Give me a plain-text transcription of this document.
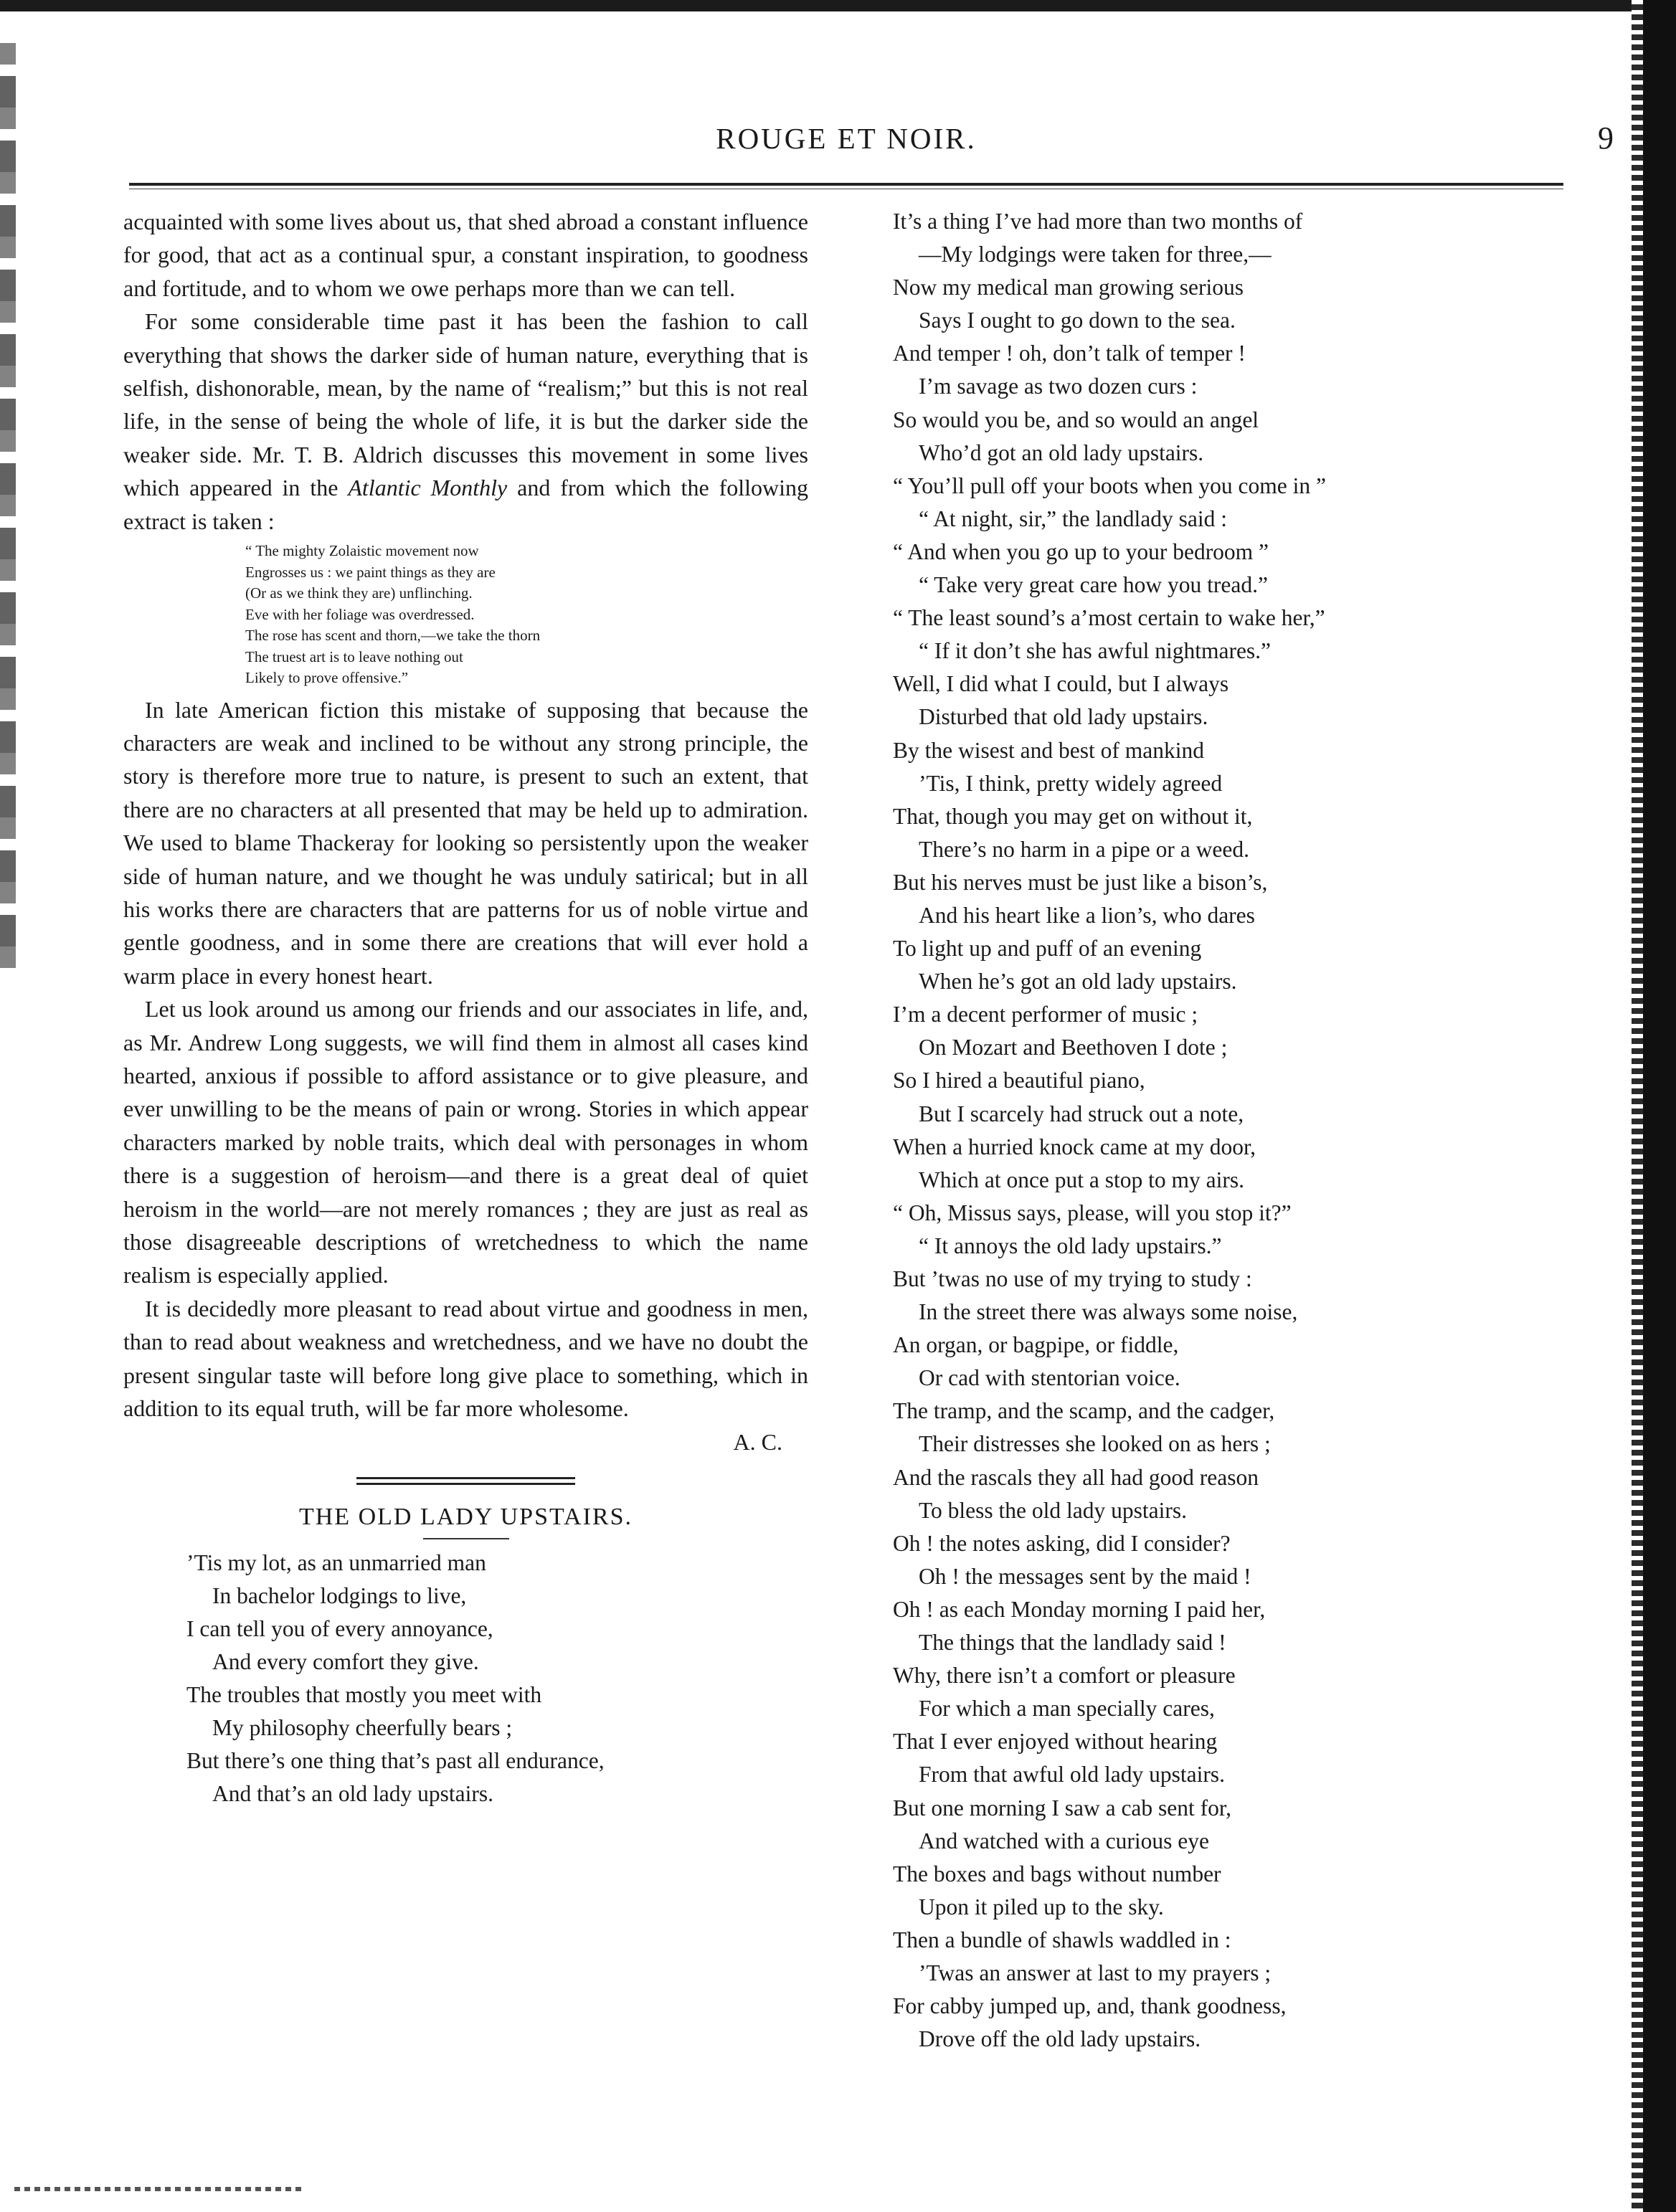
ROUGE ET NOIR.	9

acquainted with some lives about us, that shed abroad a constant influence for good, that act as a continual spur, a constant inspiration, to goodness and fortitude, and to whom we owe perhaps more than we can tell.

For some considerable time past it has been the fashion to call everything that shows the darker side of human nature, everything that is selfish, dishonorable, mean, by the name of “realism;” but this is not real life, in the sense of being the whole of life, it is but the darker side the weaker side. Mr. T. B. Aldrich discusses this movement in some lives which appeared in the Atlantic Monthly and from which the following extract is taken :

“ The mighty Zolaistic movement now
Engrosses us : we paint things as they are
(Or as we think they are) unflinching.
Eve with her foliage was overdressed.
The rose has scent and thorn,—we take the thorn
The truest art is to leave nothing out
Likely to prove offensive.”

In late American fiction this mistake of supposing that because the characters are weak and inclined to be without any strong principle, the story is therefore more true to nature, is present to such an extent, that there are no characters at all presented that may be held up to admiration. We used to blame Thackeray for looking so persistently upon the weaker side of human nature, and we thought he was unduly satirical; but in all his works there are characters that are patterns for us of noble virtue and gentle goodness, and in some there are creations that will ever hold a warm place in every honest heart.

Let us look around us among our friends and our associates in life, and, as Mr. Andrew Long suggests, we will find them in almost all cases kind hearted, anxious if possible to afford assistance or to give pleasure, and ever unwilling to be the means of pain or wrong. Stories in which appear characters marked by noble traits, which deal with personages in whom there is a suggestion of heroism—and there is a great deal of quiet heroism in the world—are not merely romances ; they are just as real as those disagreeable descriptions of wretchedness to which the name realism is especially applied.

It is decidedly more pleasant to read about virtue and goodness in men, than to read about weakness and wretchedness, and we have no doubt the present singular taste will before long give place to something, which in addition to its equal truth, will be far more wholesome.

A. C.
THE OLD LADY UPSTAIRS.
’Tis my lot, as an unmarried man
In bachelor lodgings to live,
I can tell you of every annoyance,
And every comfort they give.
The troubles that mostly you meet with
My philosophy cheerfully bears ;
But there’s one thing that’s past all endurance,
And that’s an old lady upstairs.
It’s a thing I’ve had more than two months of
—My lodgings were taken for three,—
Now my medical man growing serious
Says I ought to go down to the sea.
And temper ! oh, don’t talk of temper !
I’m savage as two dozen curs :
So would you be, and so would an angel
Who’d got an old lady upstairs.
“ You’ll pull off your boots when you come in ”
“ At night, sir,” the landlady said :
“ And when you go up to your bedroom ”
“ Take very great care how you tread.”
“ The least sound’s a’most certain to wake her,”
“ If it don’t she has awful nightmares.”
Well, I did what I could, but I always
Disturbed that old lady upstairs.
By the wisest and best of mankind
’Tis, I think, pretty widely agreed
That, though you may get on without it,
There’s no harm in a pipe or a weed.
But his nerves must be just like a bison’s,
And his heart like a lion’s, who dares
To light up and puff of an evening
When he’s got an old lady upstairs.
I’m a decent performer of music ;
On Mozart and Beethoven I dote ;
So I hired a beautiful piano,
But I scarcely had struck out a note,
When a hurried knock came at my door,
Which at once put a stop to my airs.
“ Oh, Missus says, please, will you stop it?”
“ It annoys the old lady upstairs.”
But ’twas no use of my trying to study :
In the street there was always some noise,
An organ, or bagpipe, or fiddle,
Or cad with stentorian voice.
The tramp, and the scamp, and the cadger,
Their distresses she looked on as hers ;
And the rascals they all had good reason
To bless the old lady upstairs.
Oh ! the notes asking, did I consider?
Oh ! the messages sent by the maid !
Oh ! as each Monday morning I paid her,
The things that the landlady said !
Why, there isn’t a comfort or pleasure
For which a man specially cares,
That I ever enjoyed without hearing
From that awful old lady upstairs.
But one morning I saw a cab sent for,
And watched with a curious eye
The boxes and bags without number
Upon it piled up to the sky.
Then a bundle of shawls waddled in :
’Twas an answer at last to my prayers ;
For cabby jumped up, and, thank goodness,
Drove off the old lady upstairs.
